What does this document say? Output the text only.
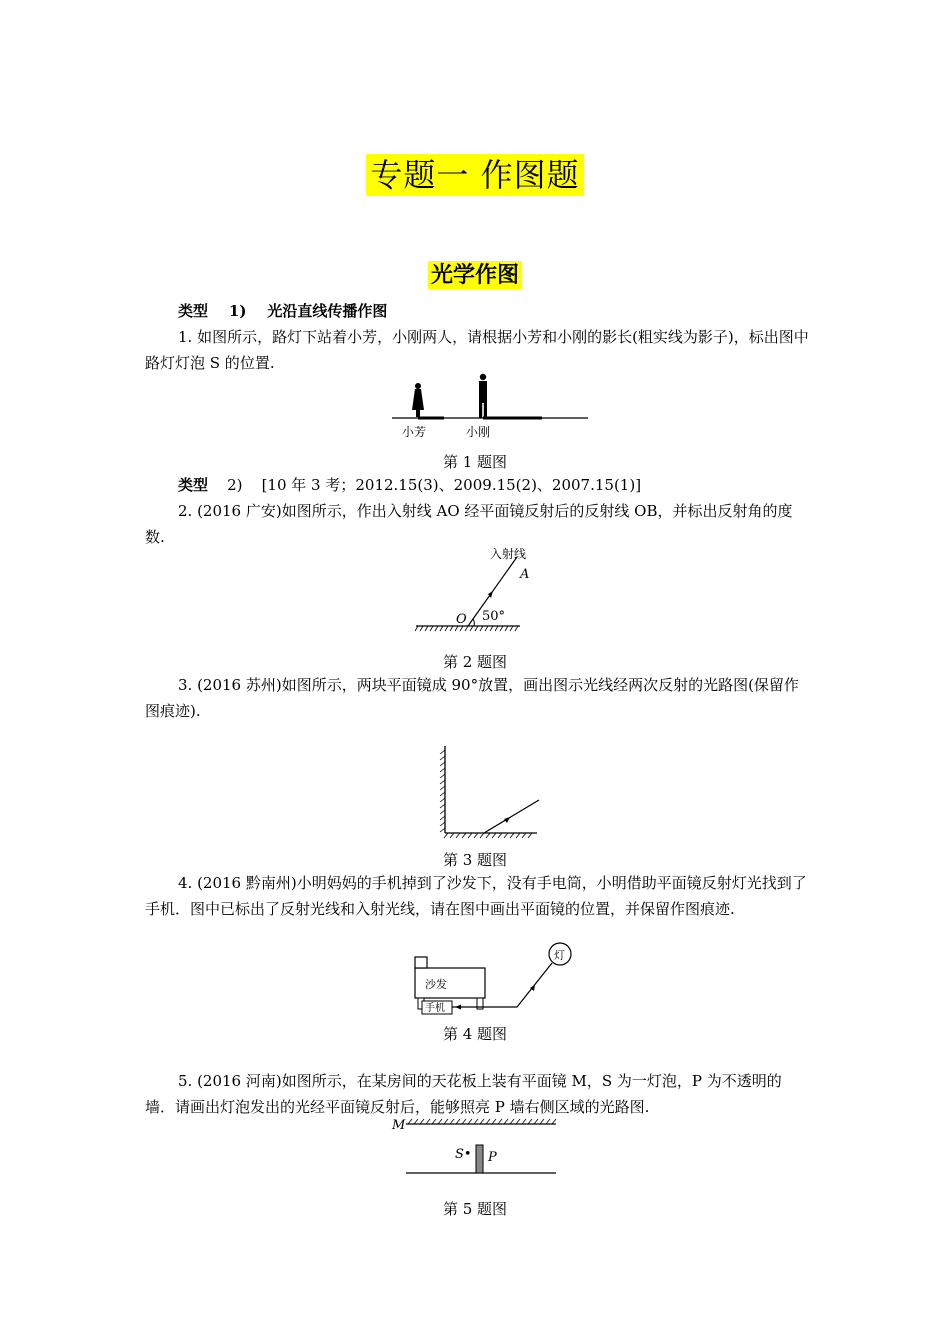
专题一 作图题
光学作图
类型 1) 光沿直线传播作图
1. 如图所示，路灯下站着小芳，小刚两人，请根据小芳和小刚的影长(粗实线为影子)，标出图中路灯灯泡 S 的位置.
小芳	小刚
第 1 题图
类型 2) [10 年 3 考；2012.15(3)、2009.15(2)、2007.15(1)]
2. (2016 广安)如图所示，作出入射线 AO 经平面镜反射后的反射线 OB，并标出反射角的度数.
入射线
A
O 50°
第 2 题图
3. (2016 苏州)如图所示，两块平面镜成 90°放置，画出图示光线经两次反射的光路图(保留作图痕迹).
第 3 题图
4. (2016 黔南州)小明妈妈的手机掉到了沙发下，没有手电筒，小明借助平面镜反射灯光找到了手机．图中已标出了反射光线和入射光线，请在图中画出平面镜的位置，并保留作图痕迹.
沙发
手机
灯
第 4 题图
5. (2016 河南)如图所示，在某房间的天花板上装有平面镜 M，S 为一灯泡，P 为不透明的墙．请画出灯泡发出的光经平面镜反射后，能够照亮 P 墙右侧区域的光路图.
M
S• P
第 5 题图
